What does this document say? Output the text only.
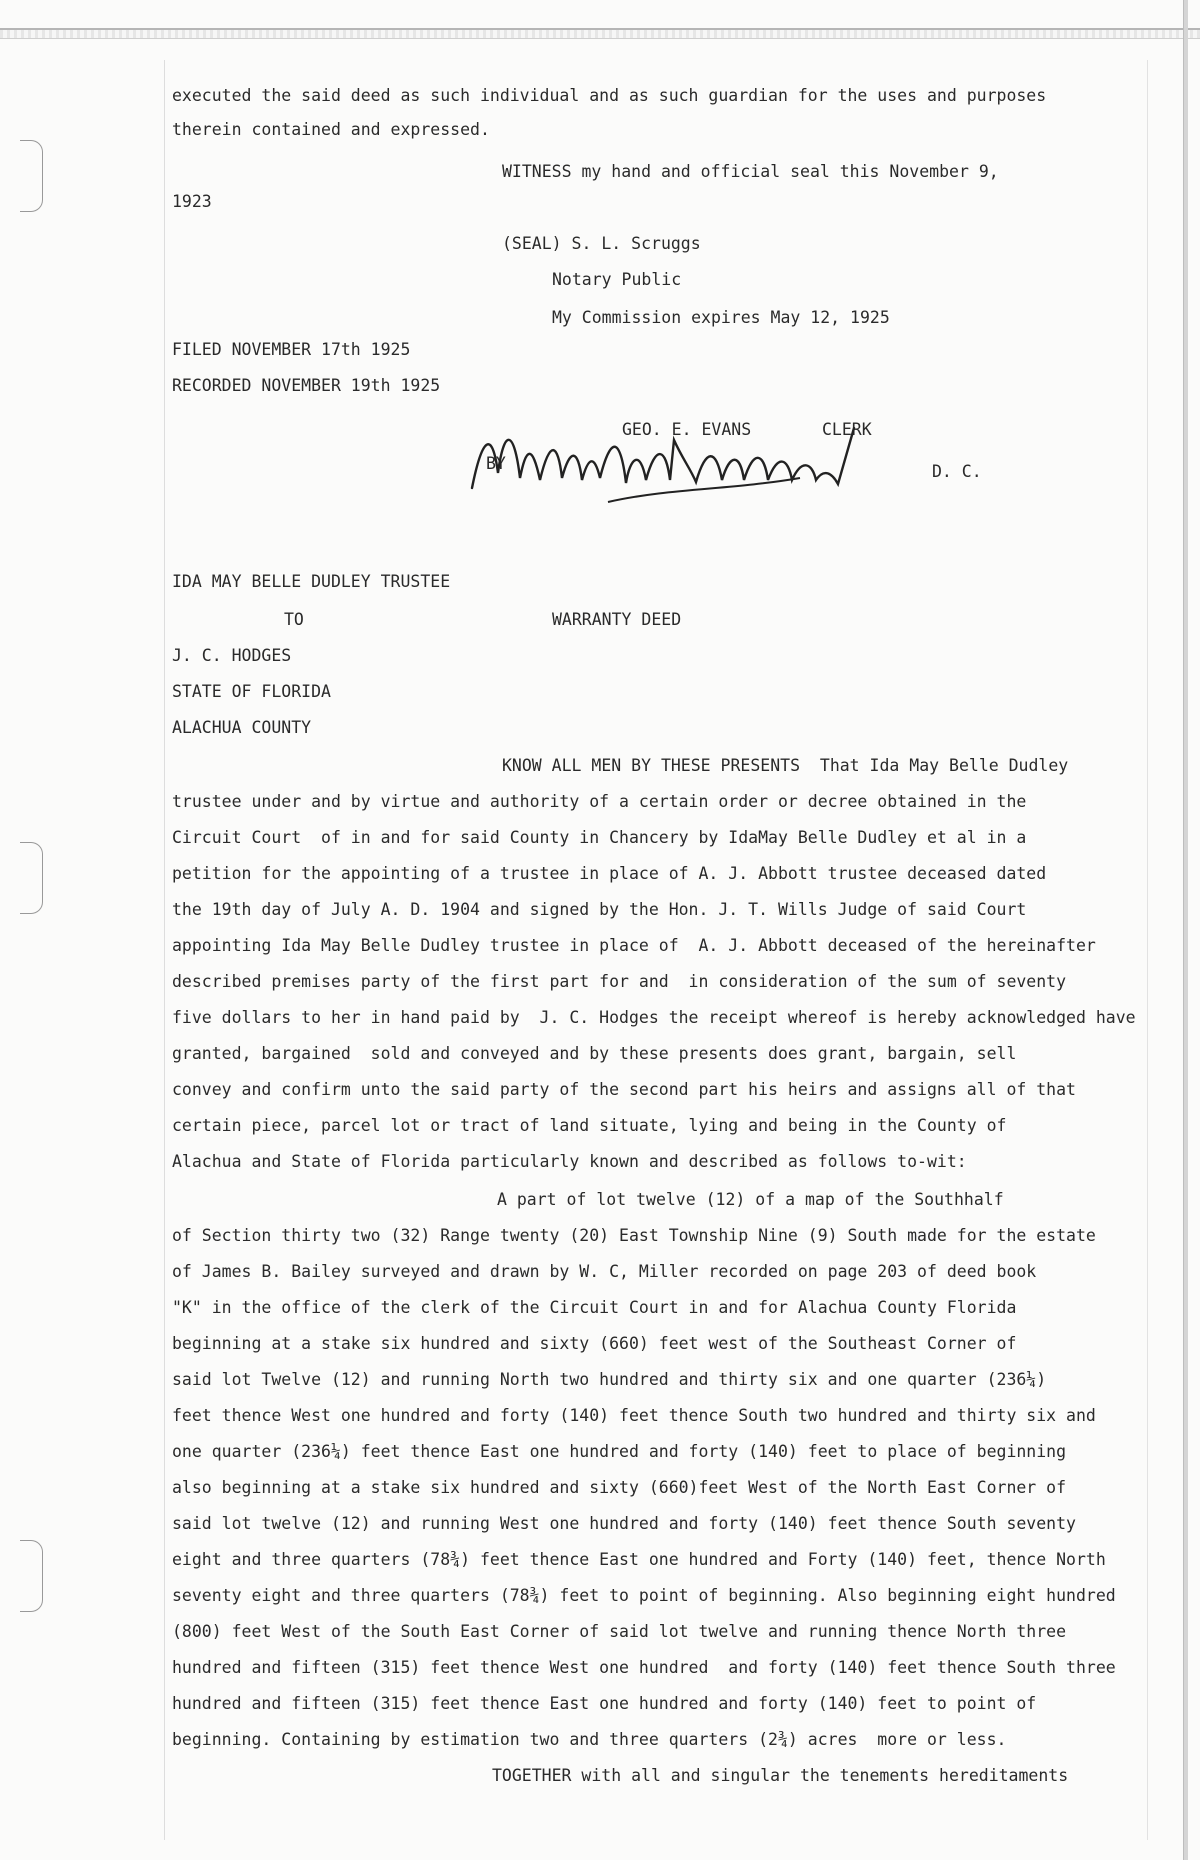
executed the said deed as such individual and as such guardian for the uses and purposes
therein contained and expressed.
WITNESS my hand and official seal this November 9,
1923
(SEAL) S. L. Scruggs
Notary Public
My Commission expires May 12, 1925
FILED NOVEMBER 17th 1925
RECORDED NOVEMBER 19th 1925
GEO. E. EVANS	CLERK
BY	D. C.
IDA MAY BELLE DUDLEY TRUSTEE
TO	WARRANTY DEED
J. C. HODGES
STATE OF FLORIDA
ALACHUA COUNTY
KNOW ALL MEN BY THESE PRESENTS  That Ida May Belle Dudley
trustee under and by virtue and authority of a certain order or decree obtained in the
Circuit Court  of in and for said County in Chancery by IdaMay Belle Dudley et al in a
petition for the appointing of a trustee in place of A. J. Abbott trustee deceased dated
the 19th day of July A. D. 1904 and signed by the Hon. J. T. Wills Judge of said Court
appointing Ida May Belle Dudley trustee in place of  A. J. Abbott deceased of the hereinafter
described premises party of the first part for and  in consideration of the sum of seventy
five dollars to her in hand paid by  J. C. Hodges the receipt whereof is hereby acknowledged have
granted, bargained  sold and conveyed and by these presents does grant, bargain, sell
convey and confirm unto the said party of the second part his heirs and assigns all of that
certain piece, parcel lot or tract of land situate, lying and being in the County of
Alachua and State of Florida particularly known and described as follows to-wit:
A part of lot twelve (12) of a map of the Southhalf
of Section thirty two (32) Range twenty (20) East Township Nine (9) South made for the estate
of James B. Bailey surveyed and drawn by W. C, Miller recorded on page 203 of deed book
"K" in the office of the clerk of the Circuit Court in and for Alachua County Florida
beginning at a stake six hundred and sixty (660) feet west of the Southeast Corner of
said lot Twelve (12) and running North two hundred and thirty six and one quarter (236¼)
feet thence West one hundred and forty (140) feet thence South two hundred and thirty six and
one quarter (236¼) feet thence East one hundred and forty (140) feet to place of beginning
also beginning at a stake six hundred and sixty (660)feet West of the North East Corner of
said lot twelve (12) and running West one hundred and forty (140) feet thence South seventy
eight and three quarters (78¾) feet thence East one hundred and Forty (140) feet, thence North
seventy eight and three quarters (78¾) feet to point of beginning. Also beginning eight hundred
(800) feet West of the South East Corner of said lot twelve and running thence North three
hundred and fifteen (315) feet thence West one hundred  and forty (140) feet thence South three
hundred and fifteen (315) feet thence East one hundred and forty (140) feet to point of
beginning. Containing by estimation two and three quarters (2¾) acres  more or less.
TOGETHER with all and singular the tenements hereditaments
